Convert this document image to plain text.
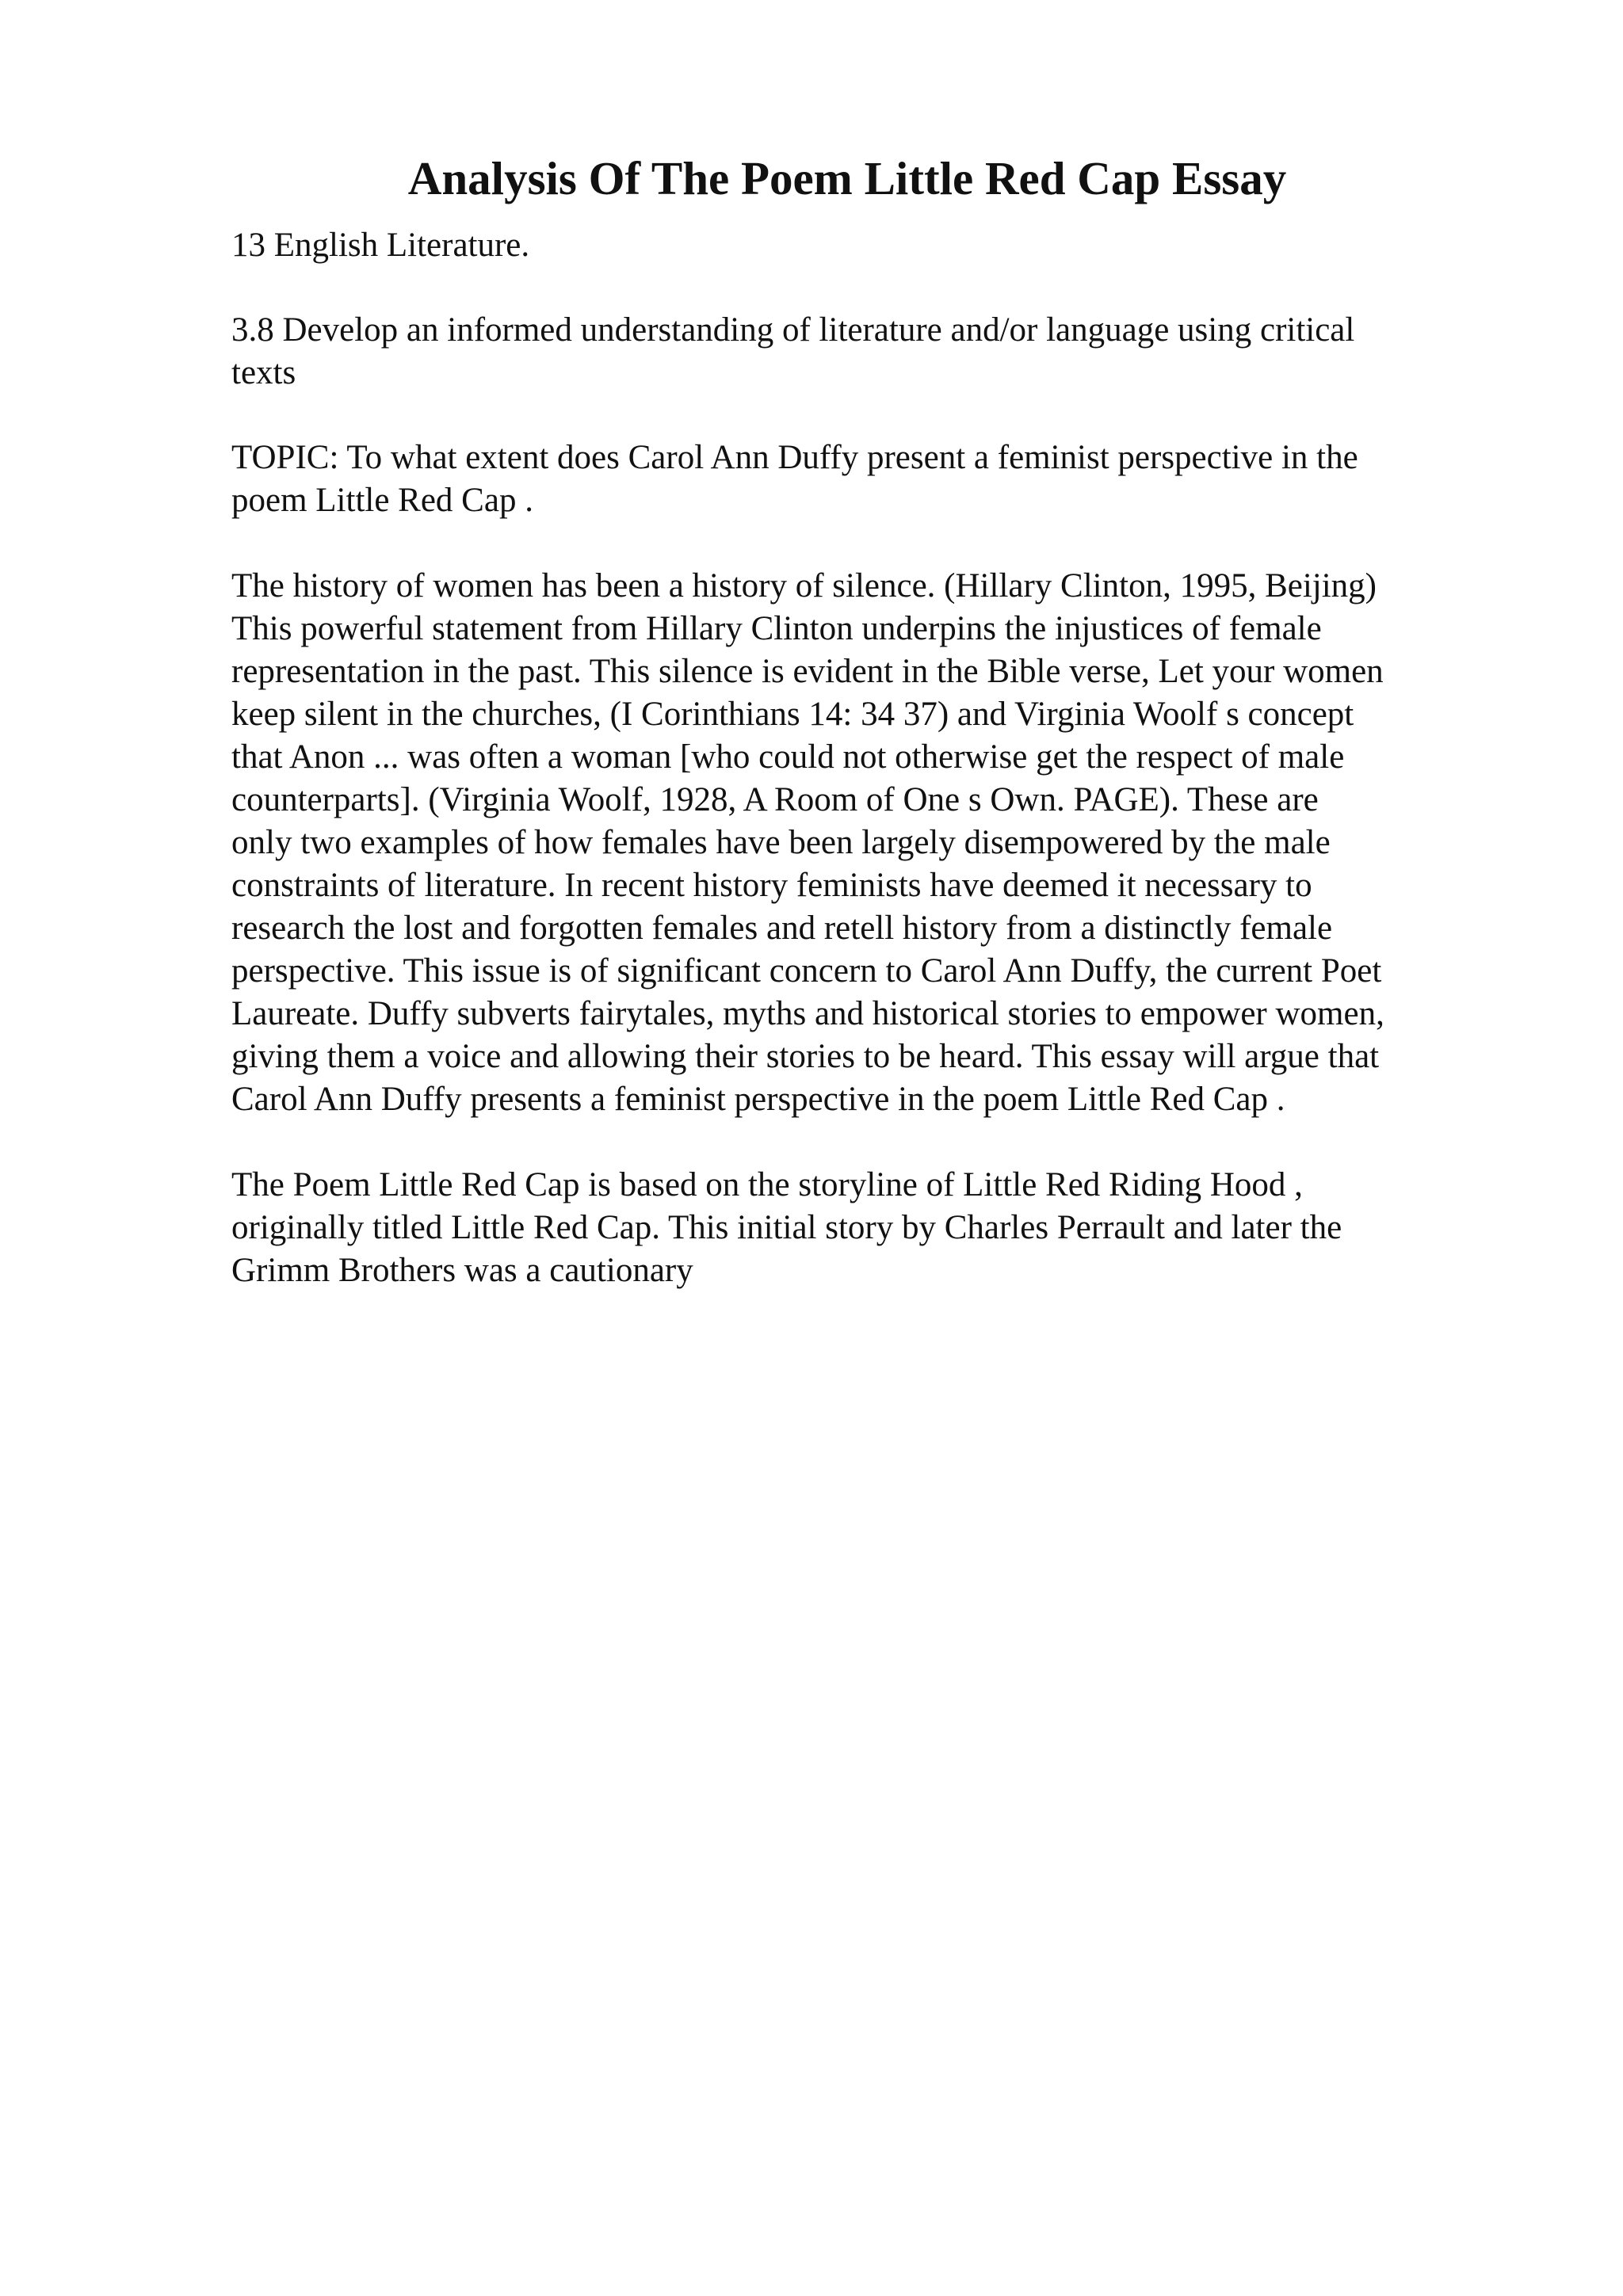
Analysis Of The Poem Little Red Cap Essay

13 English Literature.

3.8 Develop an informed understanding of literature and/or language using critical
texts

TOPIC: To what extent does Carol Ann Duffy present a feminist perspective in the
poem Little Red Cap .

The history of women has been a history of silence. (Hillary Clinton, 1995, Beijing)
This powerful statement from Hillary Clinton underpins the injustices of female
representation in the past. This silence is evident in the Bible verse, Let your women
keep silent in the churches, (I Corinthians 14: 34 37) and Virginia Woolf s concept
that Anon ... was often a woman [who could not otherwise get the respect of male
counterparts]. (Virginia Woolf, 1928, A Room of One s Own. PAGE). These are
only two examples of how females have been largely disempowered by the male
constraints of literature. In recent history feminists have deemed it necessary to
research the lost and forgotten females and retell history from a distinctly female
perspective. This issue is of significant concern to Carol Ann Duffy, the current Poet
Laureate. Duffy subverts fairytales, myths and historical stories to empower women,
giving them a voice and allowing their stories to be heard. This essay will argue that
Carol Ann Duffy presents a feminist perspective in the poem Little Red Cap .

The Poem Little Red Cap is based on the storyline of Little Red Riding Hood ,
originally titled Little Red Cap. This initial story by Charles Perrault and later the
Grimm Brothers was a cautionary
